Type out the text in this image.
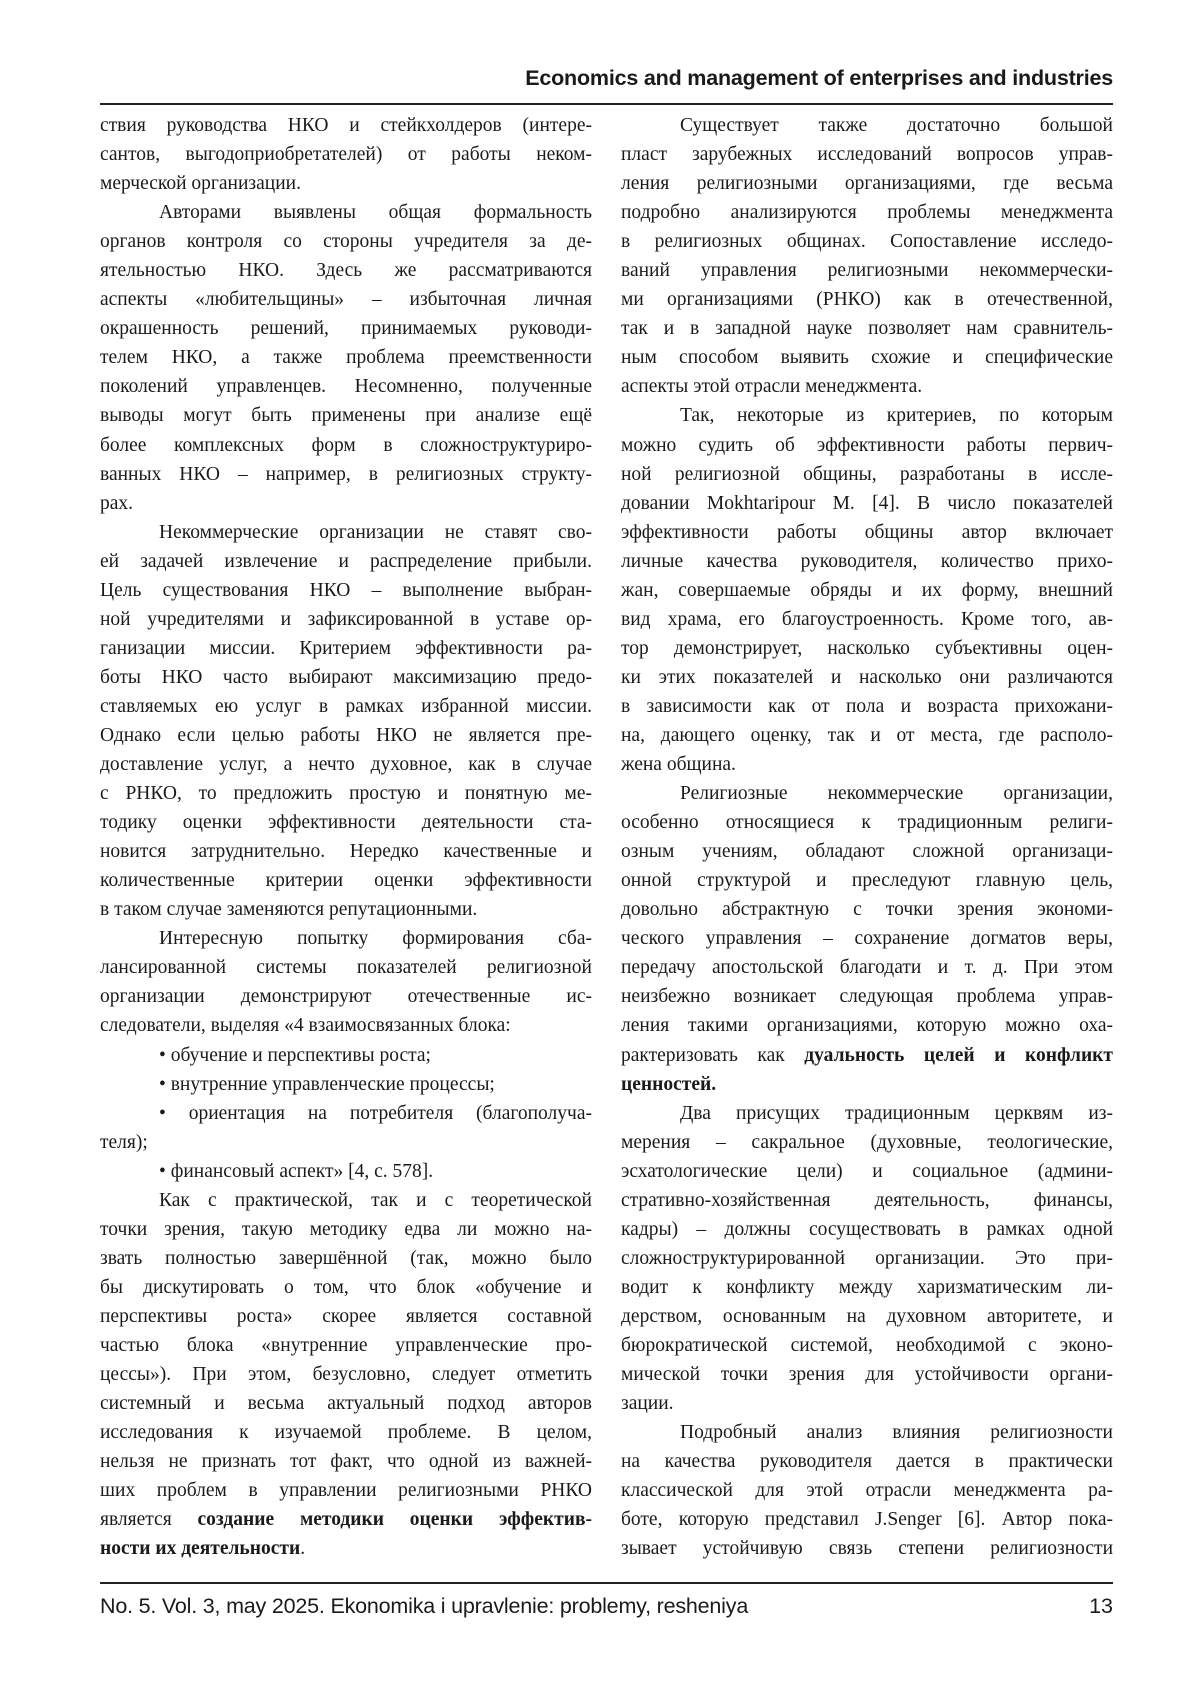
Economics and management of enterprises and industries
ствия руководства НКО и стейкхолдеров (интере-
сантов, выгодоприобретателей) от работы неком-
мерческой организации.
Авторами выявлены общая формальность
органов контроля со стороны учредителя за де-
ятельностью НКО. Здесь же рассматриваются
аспекты «любительщины» – избыточная личная
окрашенность решений, принимаемых руководи-
телем НКО, а также проблема преемственности
поколений управленцев. Несомненно, полученные
выводы могут быть применены при анализе ещё
более комплексных форм в сложноструктуриро-
ванных НКО – например, в религиозных структу-
рах.
Некоммерческие организации не ставят сво-
ей задачей извлечение и распределение прибыли.
Цель существования НКО – выполнение выбран-
ной учредителями и зафиксированной в уставе ор-
ганизации миссии. Критерием эффективности ра-
боты НКО часто выбирают максимизацию предо-
ставляемых ею услуг в рамках избранной миссии.
Однако если целью работы НКО не является пре-
доставление услуг, а нечто духовное, как в случае
с РНКО, то предложить простую и понятную ме-
тодику оценки эффективности деятельности ста-
новится затруднительно. Нередко качественные и
количественные критерии оценки эффективности
в таком случае заменяются репутационными.
Интересную попытку формирования сба-
лансированной системы показателей религиозной
организации демонстрируют отечественные ис-
следователи, выделяя «4 взаимосвязанных блока:
• обучение и перспективы роста;
• внутренние управленческие процессы;
• ориентация на потребителя (благополуча-
теля);
• финансовый аспект» [4, с. 578].
Как с практической, так и с теоретической
точки зрения, такую методику едва ли можно на-
звать полностью завершённой (так, можно было
бы дискутировать о том, что блок «обучение и
перспективы роста» скорее является составной
частью блока «внутренние управленческие про-
цессы»). При этом, безусловно, следует отметить
системный и весьма актуальный подход авторов
исследования к изучаемой проблеме. В целом,
нельзя не признать тот факт, что одной из важней-
ших проблем в управлении религиозными РНКО
является создание методики оценки эффектив-
ности их деятельности.
Существует также достаточно большой
пласт зарубежных исследований вопросов управ-
ления религиозными организациями, где весьма
подробно анализируются проблемы менеджмента
в религиозных общинах. Сопоставление исследо-
ваний управления религиозными некоммерчески-
ми организациями (РНКО) как в отечественной,
так и в западной науке позволяет нам сравнитель-
ным способом выявить схожие и специфические
аспекты этой отрасли менеджмента.
Так, некоторые из критериев, по которым
можно судить об эффективности работы первич-
ной религиозной общины, разработаны в иссле-
довании Mokhtaripour M. [4]. В число показателей
эффективности работы общины автор включает
личные качества руководителя, количество прихо-
жан, совершаемые обряды и их форму, внешний
вид храма, его благоустроенность. Кроме того, ав-
тор демонстрирует, насколько субъективны оцен-
ки этих показателей и насколько они различаются
в зависимости как от пола и возраста прихожани-
на, дающего оценку, так и от места, где располо-
жена община.
Религиозные некоммерческие организации,
особенно относящиеся к традиционным религи-
озным учениям, обладают сложной организаци-
онной структурой и преследуют главную цель,
довольно абстрактную с точки зрения экономи-
ческого управления – сохранение догматов веры,
передачу апостольской благодати и т. д. При этом
неизбежно возникает следующая проблема управ-
ления такими организациями, которую можно оха-
рактеризовать как дуальность целей и конфликт
ценностей.
Два присущих традиционным церквям из-
мерения – сакральное (духовные, теологические,
эсхатологические цели) и социальное (админи-
стративно-хозяйственная деятельность, финансы,
кадры) – должны сосуществовать в рамках одной
сложноструктурированной организации. Это при-
водит к конфликту между харизматическим ли-
дерством, основанным на духовном авторитете, и
бюрократической системой, необходимой с эконо-
мической точки зрения для устойчивости органи-
зации.
Подробный анализ влияния религиозности
на качества руководителя дается в практически
классической для этой отрасли менеджмента ра-
боте, которую представил J.Senger [6]. Автор пока-
зывает устойчивую связь степени религиозности
No. 5. Vol. 3, may 2025. Ekonomika i upravlenie: problemy, resheniya	13
